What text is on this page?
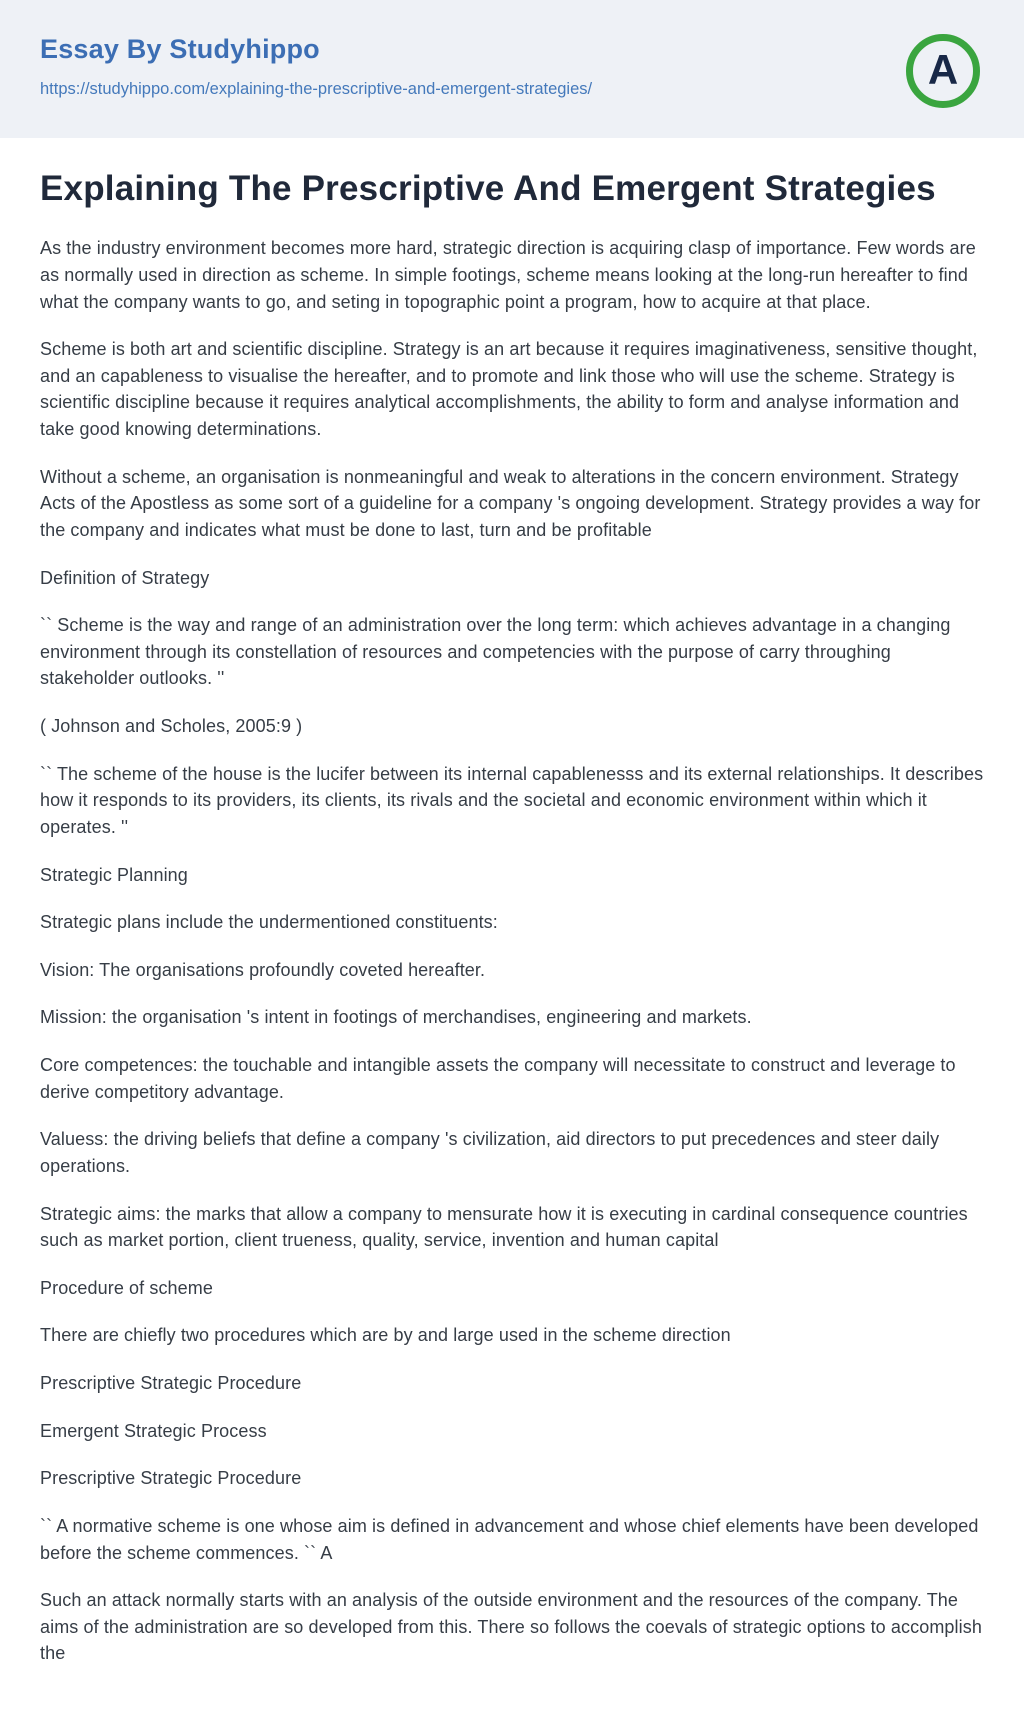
Essay By Studyhippo
https://studyhippo.com/explaining-the-prescriptive-and-emergent-strategies/	A
Explaining The Prescriptive And Emergent Strategies

As the industry environment becomes more hard, strategic direction is acquiring clasp of importance. Few words are as normally used in direction as scheme. In simple footings, scheme means looking at the long-run hereafter to find what the company wants to go, and seting in topographic point a program, how to acquire at that place.

Scheme is both art and scientific discipline. Strategy is an art because it requires imaginativeness, sensitive thought, and an capableness to visualise the hereafter, and to promote and link those who will use the scheme. Strategy is scientific discipline because it requires analytical accomplishments, the ability to form and analyse information and take good knowing determinations.

Without a scheme, an organisation is nonmeaningful and weak to alterations in the concern environment. Strategy Acts of the Apostless as some sort of a guideline for a company 's ongoing development. Strategy provides a way for the company and indicates what must be done to last, turn and be profitable

Definition of Strategy

`` Scheme is the way and range of an administration over the long term: which achieves advantage in a changing environment through its constellation of resources and competencies with the purpose of carry throughing stakeholder outlooks. ''

( Johnson and Scholes, 2005:9 )

`` The scheme of the house is the lucifer between its internal capablenesss and its external relationships. It describes how it responds to its providers, its clients, its rivals and the societal and economic environment within which it operates. ''

Strategic Planning

Strategic plans include the undermentioned constituents:

Vision: The organisations profoundly coveted hereafter.

Mission: the organisation 's intent in footings of merchandises, engineering and markets.

Core competences: the touchable and intangible assets the company will necessitate to construct and leverage to derive competitory advantage.

Valuess: the driving beliefs that define a company 's civilization, aid directors to put precedences and steer daily operations.

Strategic aims: the marks that allow a company to mensurate how it is executing in cardinal consequence countries such as market portion, client trueness, quality, service, invention and human capital

Procedure of scheme

There are chiefly two procedures which are by and large used in the scheme direction

Prescriptive Strategic Procedure

Emergent Strategic Process

Prescriptive Strategic Procedure

`` A normative scheme is one whose aim is defined in advancement and whose chief elements have been developed before the scheme commences. `` A

Such an attack normally starts with an analysis of the outside environment and the resources of the company. The aims of the administration are so developed from this. There so follows the coevals of strategic options to accomplish the
